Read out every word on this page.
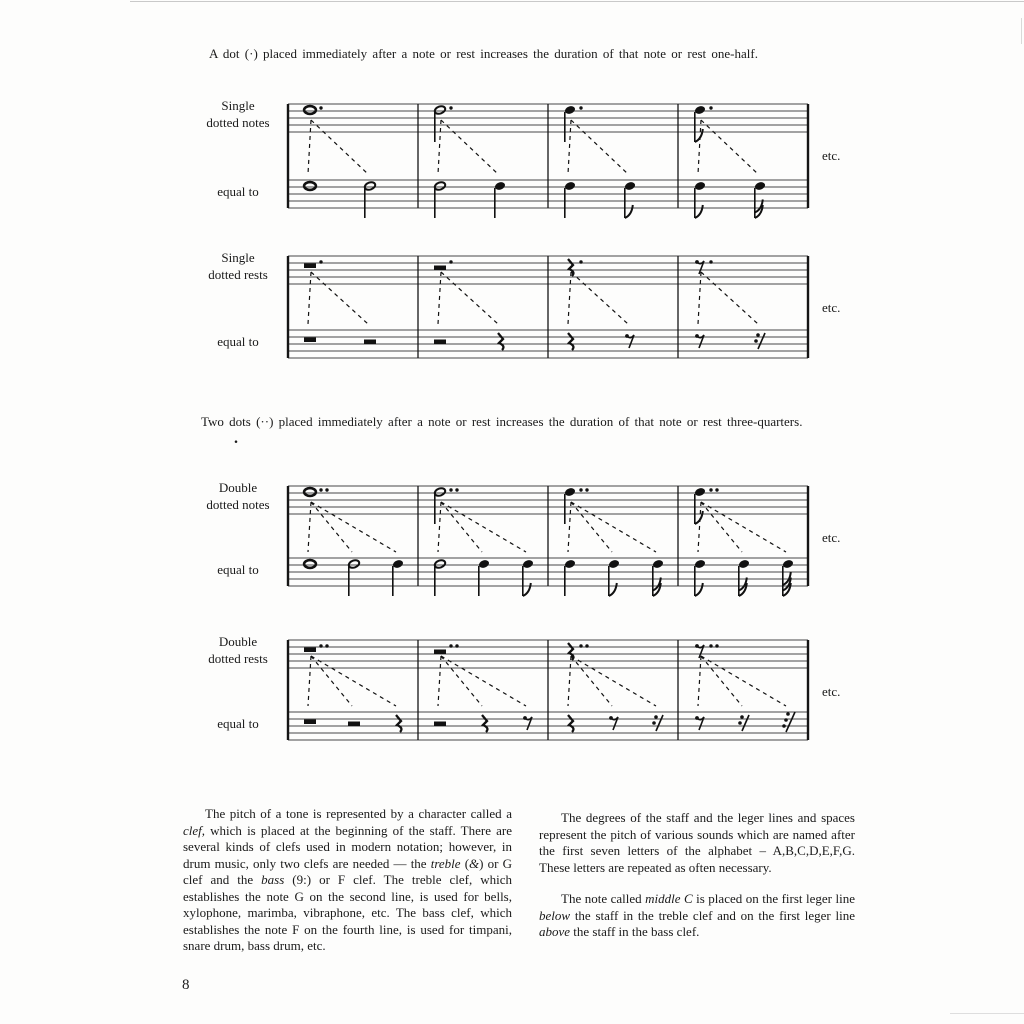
A dot (·) placed immediately after a note or rest increases the duration of that note or rest one-half.
Two dots (··) placed immediately after a note or rest increases the duration of that note or rest three-quarters.
.
Single
dotted notes
equal to
etc.
Single
dotted rests
equal to
etc.
Double
dotted notes
equal to
etc.
Double
dotted rests
equal to
etc.

The pitch of a tone is represented by a character called a clef, which is placed at the beginning of the staff. There are several kinds of clefs used in modern notation; however, in drum music, only two clefs are needed — the treble (&) or G clef and the bass (9:) or F clef. The treble clef, which establishes the note G on the second line, is used for bells, xylophone, marimba, vibraphone, etc. The bass clef, which establishes the note F on the fourth line, is used for timpani, snare drum, bass drum, etc.

The degrees of the staff and the leger lines and spaces represent the pitch of various sounds which are named after the first seven letters of the alphabet – A,B,C,D,E,F,G. These letters are repeated as often necessary.

The note called middle C is placed on the first leger line below the staff in the treble clef and on the first leger line above the staff in the bass clef.

8
